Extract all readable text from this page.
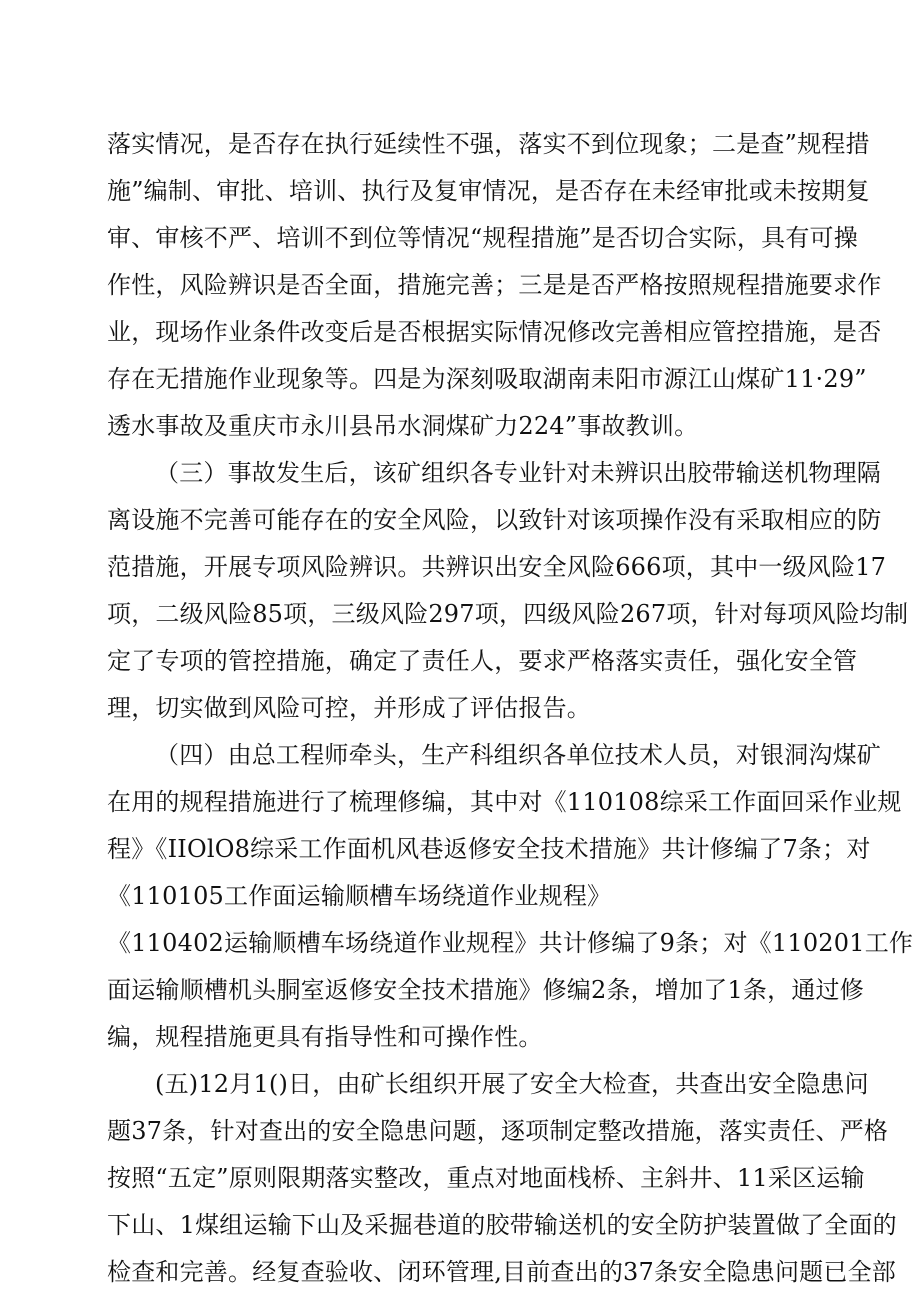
落实情况，是否存在执行延续性不强，落实不到位现象；二是查”规程措
施”编制、审批、培训、执行及复审情况，是否存在未经审批或未按期复
审、审核不严、培训不到位等情况“规程措施”是否切合实际，具有可操
作性，风险辨识是否全面，措施完善；三是是否严格按照规程措施要求作
业，现场作业条件改变后是否根据实际情况修改完善相应管控措施，是否
存在无措施作业现象等。四是为深刻吸取湖南耒阳市源江山煤矿11·29”
透水事故及重庆市永川县吊水洞煤矿力224”事故教训。
（三）事故发生后，该矿组织各专业针对未辨识出胶带输送机物理隔
离设施不完善可能存在的安全风险，以致针对该项操作没有采取相应的防
范措施，开展专项风险辨识。共辨识出安全风险666项，其中一级风险17
项，二级风险85项，三级风险297项，四级风险267项，针对每项风险均制
定了专项的管控措施，确定了责任人，要求严格落实责任，强化安全管
理，切实做到风险可控，并形成了评估报告。
（四）由总工程师牵头，生产科组织各单位技术人员，对银洞沟煤矿
在用的规程措施进行了梳理修编，其中对《110108综采工作面回采作业规
程》《IIOlO8综采工作面机风巷返修安全技术措施》共计修编了7条；对
《110105工作面运输顺槽车场绕道作业规程》
《110402运输顺槽车场绕道作业规程》共计修编了9条；对《110201工作
面运输顺槽机头胴室返修安全技术措施》修编2条，增加了1条，通过修
编，规程措施更具有指导性和可操作性。
(五)12月1()日，由矿长组织开展了安全大检查，共查出安全隐患问
题37条，针对查出的安全隐患问题，逐项制定整改措施，落实责任、严格
按照“五定”原则限期落实整改，重点对地面栈桥、主斜井、11采区运输
下山、1煤组运输下山及采掘巷道的胶带输送机的安全防护装置做了全面的
检查和完善。经复查验收、闭环管理,目前查出的37条安全隐患问题已全部
